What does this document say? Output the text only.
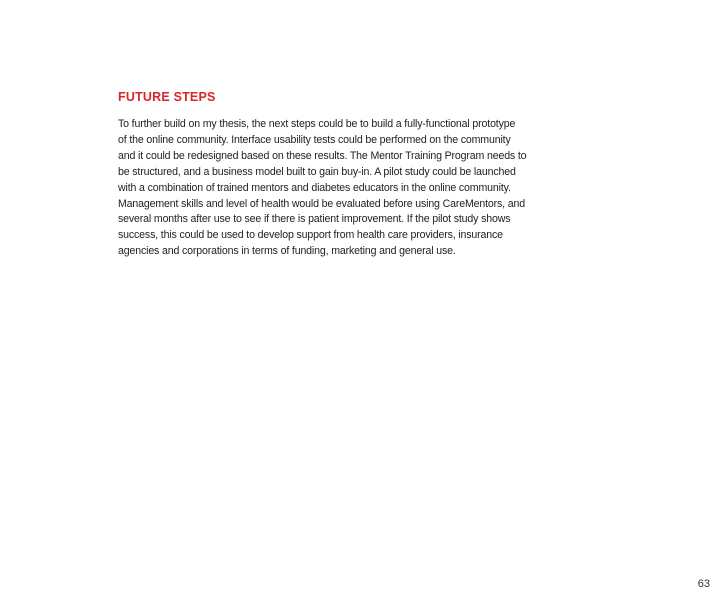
FUTURE STEPS

To further build on my thesis, the next steps could be to build a fully-functional prototype
of the online community. Interface usability tests could be performed on the community
and it could be redesigned based on these results. The Mentor Training Program needs to
be structured, and a business model built to gain buy-in. A pilot study could be launched
with a combination of trained mentors and diabetes educators in the online community.
Management skills and level of health would be evaluated before using CareMentors, and
several months after use to see if there is patient improvement. If the pilot study shows
success, this could be used to develop support from health care providers, insurance
agencies and corporations in terms of funding, marketing and general use.

63
